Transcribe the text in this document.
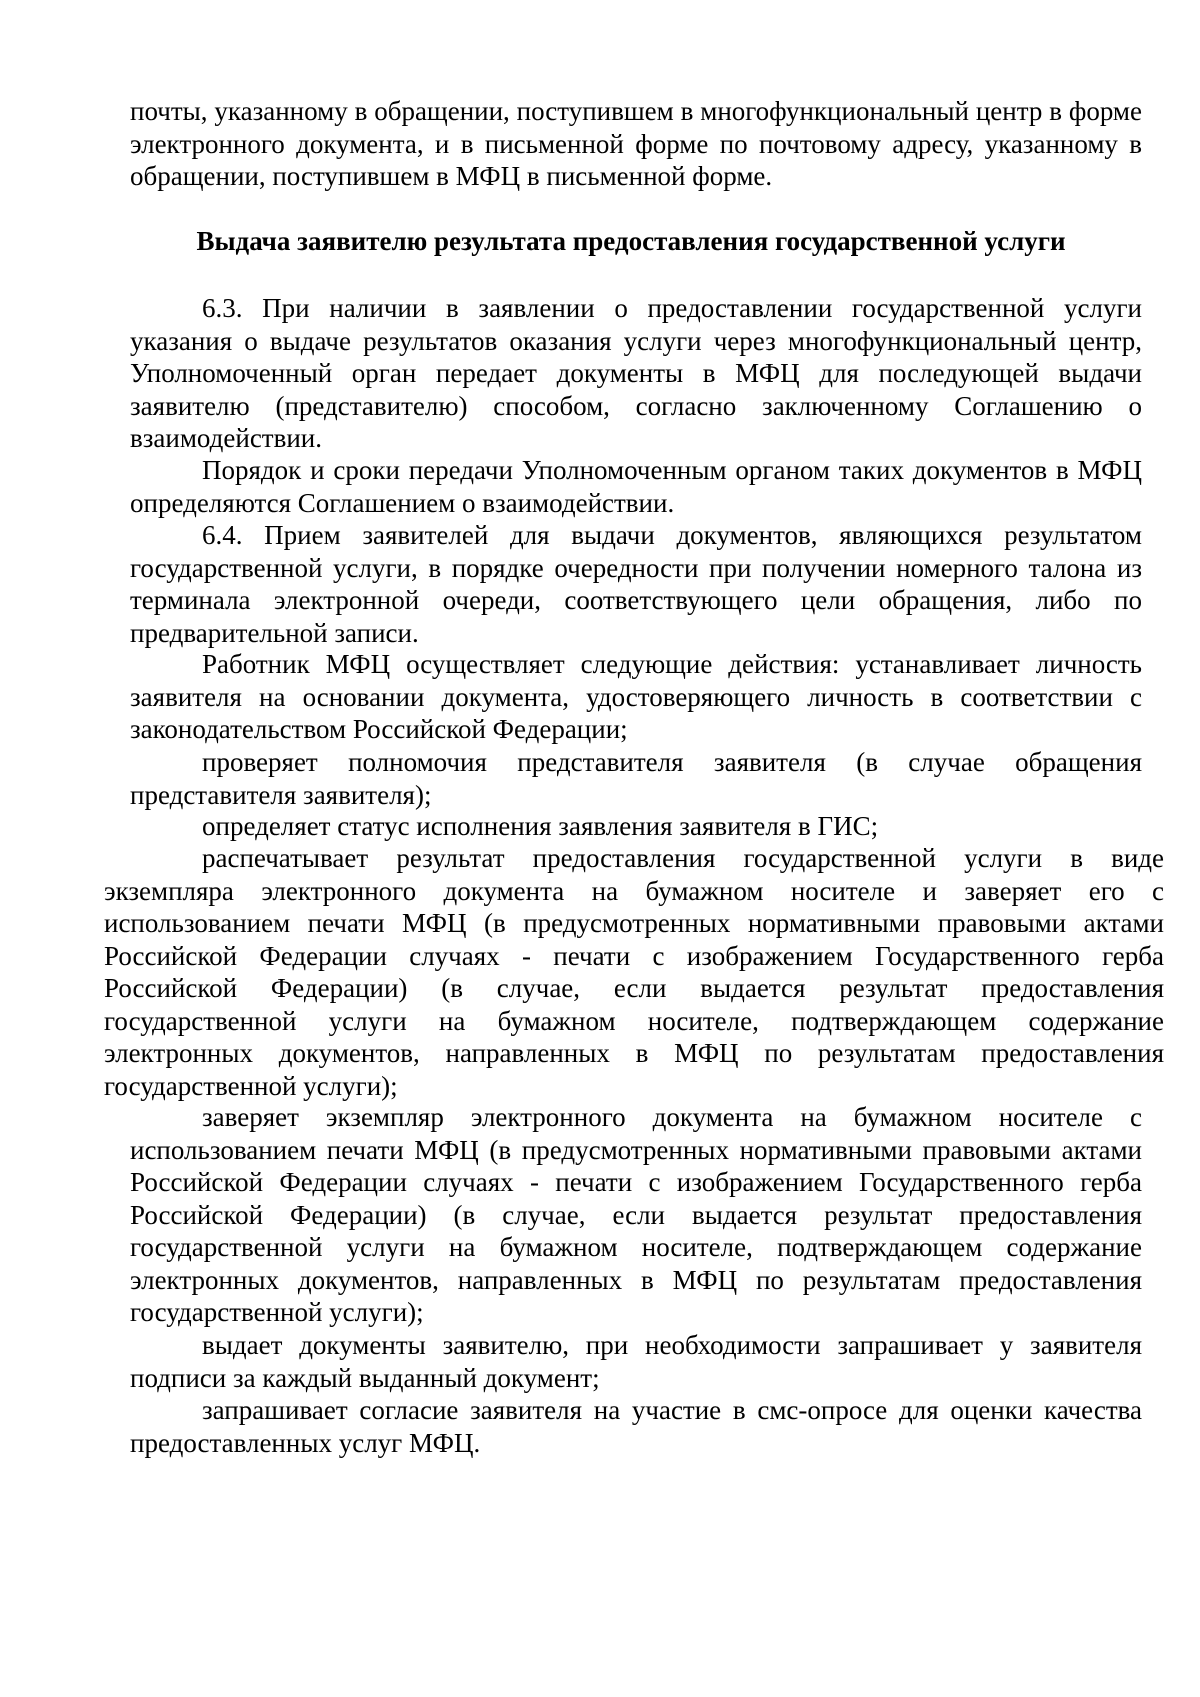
почты, указанному в обращении, поступившем в многофункциональный центр в форме электронного документа, и в письменной форме по почтовому адресу, указанному в обращении, поступившем в МФЦ в письменной форме.

Выдача заявителю результата предоставления государственной услуги

6.3. При наличии в заявлении о предоставлении государственной услуги указания о выдаче результатов оказания услуги через многофункциональный центр, Уполномоченный орган передает документы в МФЦ для последующей выдачи заявителю (представителю) способом, согласно заключенному Соглашению о взаимодействии.

Порядок и сроки передачи Уполномоченным органом таких документов в МФЦ определяются Соглашением о взаимодействии.

6.4. Прием заявителей для выдачи документов, являющихся результатом государственной услуги, в порядке очередности при получении номерного талона из терминала электронной очереди, соответствующего цели обращения, либо по предварительной записи.

Работник МФЦ осуществляет следующие действия: устанавливает личность заявителя на основании документа, удостоверяющего личность в соответствии с законодательством Российской Федерации;

проверяет полномочия представителя заявителя (в случае обращения представителя заявителя);

определяет статус исполнения заявления заявителя в ГИС;

распечатывает результат предоставления государственной услуги в виде экземпляра электронного документа на бумажном носителе и заверяет его с использованием печати МФЦ (в предусмотренных нормативными правовыми актами Российской Федерации случаях - печати с изображением Государственного герба Российской Федерации) (в случае, если выдается результат предоставления государственной услуги на бумажном носителе, подтверждающем содержание электронных документов, направленных в МФЦ по результатам предоставления государственной услуги);

заверяет экземпляр электронного документа на бумажном носителе с использованием печати МФЦ (в предусмотренных нормативными правовыми актами Российской Федерации случаях - печати с изображением Государственного герба Российской Федерации) (в случае, если выдается результат предоставления государственной услуги на бумажном носителе, подтверждающем содержание электронных документов, направленных в МФЦ по результатам предоставления государственной услуги);

выдает документы заявителю, при необходимости запрашивает у заявителя подписи за каждый выданный документ;

запрашивает согласие заявителя на участие в смс-опросе для оценки качества предоставленных услуг МФЦ.
